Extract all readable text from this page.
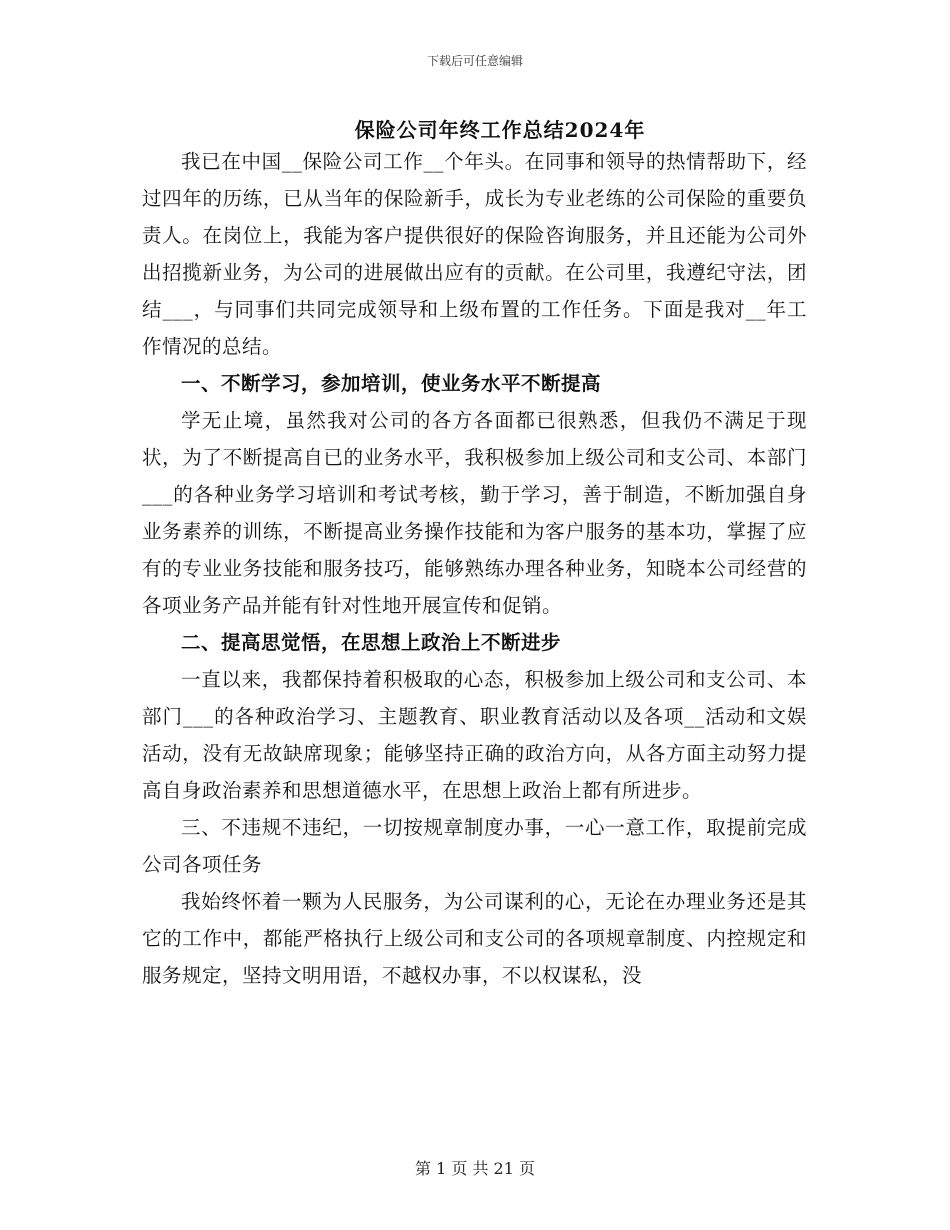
下载后可任意编辑
保险公司年终工作总结2024年

我已在中国__保险公司工作__个年头。在同事和领导的热情帮助下，经过四年的历练，已从当年的保险新手，成长为专业老练的公司保险的重要负责人。在岗位上，我能为客户提供很好的保险咨询服务，并且还能为公司外出招揽新业务，为公司的进展做出应有的贡献。在公司里，我遵纪守法，团结___，与同事们共同完成领导和上级布置的工作任务。下面是我对__年工作情况的总结。

一、不断学习，参加培训，使业务水平不断提高

学无止境，虽然我对公司的各方各面都已很熟悉，但我仍不满足于现状，为了不断提高自已的业务水平，我积极参加上级公司和支公司、本部门___的各种业务学习培训和考试考核，勤于学习，善于制造，不断加强自身业务素养的训练，不断提高业务操作技能和为客户服务的基本功，掌握了应有的专业业务技能和服务技巧，能够熟练办理各种业务，知晓本公司经营的各项业务产品并能有针对性地开展宣传和促销。

二、提高思觉悟，在思想上政治上不断进步

一直以来，我都保持着积极取的心态，积极参加上级公司和支公司、本部门___的各种政治学习、主题教育、职业教育活动以及各项__活动和文娱活动，没有无故缺席现象；能够坚持正确的政治方向，从各方面主动努力提高自身政治素养和思想道德水平，在思想上政治上都有所进步。

三、不违规不违纪，一切按规章制度办事，一心一意工作，取提前完成公司各项任务

我始终怀着一颗为人民服务，为公司谋利的心，无论在办理业务还是其它的工作中，都能严格执行上级公司和支公司的各项规章制度、内控规定和服务规定，坚持文明用语，不越权办事，不以权谋私，没

第 1 页 共 21 页
